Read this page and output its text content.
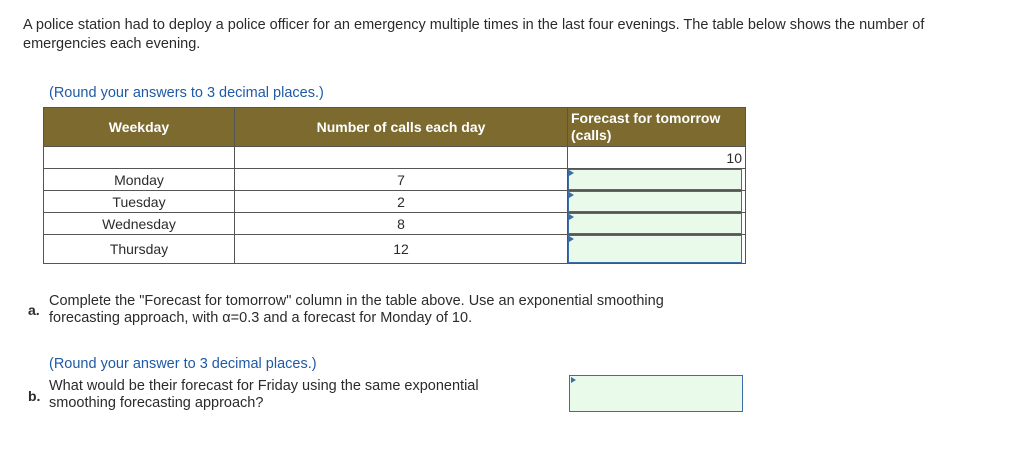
A police station had to deploy a police officer for an emergency multiple times in the last four evenings. The table below shows the number of emergencies each evening.
(Round your answers to 3 decimal places.)
Weekday	Number of calls each day	Forecast for tomorrow (calls)
		10
Monday	7	

Tuesday	2	

Wednesday	8	

Thursday	12	
a.
Complete the "Forecast for tomorrow" column in the table above. Use an exponential smoothing forecasting approach, with α=0.3 and a forecast for Monday of 10.
(Round your answer to 3 decimal places.)
b.
What would be their forecast for Friday using the same exponential smoothing forecasting approach?
